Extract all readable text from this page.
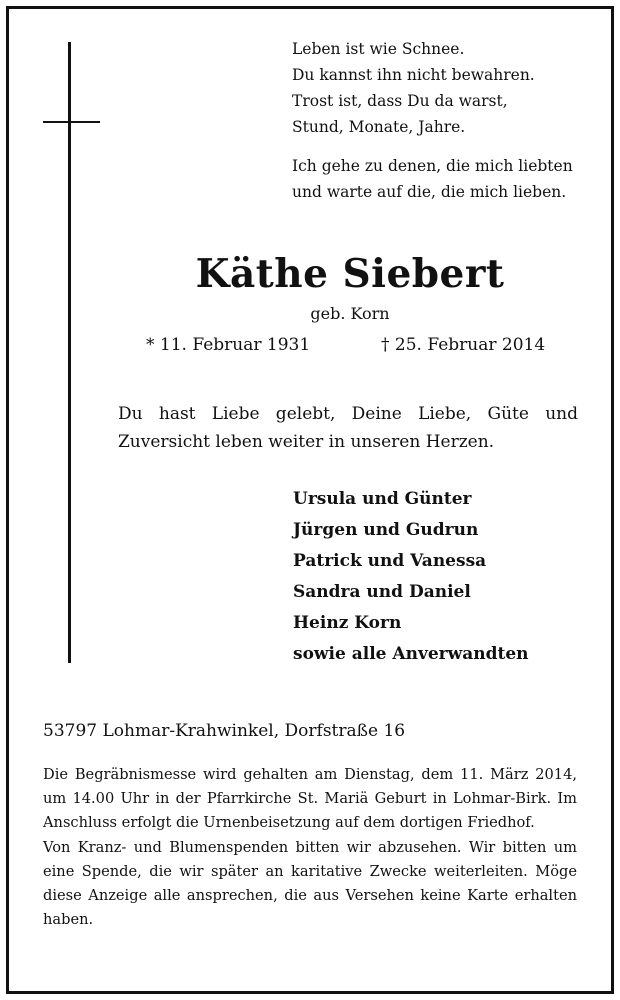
Leben ist wie Schnee.
Du kannst ihn nicht bewahren.
Trost ist, dass Du da warst,
Stund, Monate, Jahre.
Ich gehe zu denen, die mich liebten
und warte auf die, die mich lieben.
Käthe Siebert
geb. Korn
* 11. Februar 1931	† 25. Februar 2014
Du hast Liebe gelebt, Deine Liebe, Güte und Zuversicht leben weiter in unseren Herzen.
Ursula und Günter
Jürgen und Gudrun
Patrick und Vanessa
Sandra und Daniel
Heinz Korn
sowie alle Anverwandten
53797 Lohmar-Krahwinkel, Dorfstraße 16

Die Begräbnismesse wird gehalten am Dienstag, dem 11. März 2014, um 14.00 Uhr in der Pfarrkirche St. Mariä Geburt in Lohmar-Birk. Im Anschluss erfolgt die Urnenbeisetzung auf dem dortigen Friedhof.

Von Kranz- und Blumenspenden bitten wir abzusehen. Wir bitten um eine Spende, die wir später an karitative Zwecke weiterleiten. Möge diese Anzeige alle ansprechen, die aus Versehen keine Karte erhalten haben.
